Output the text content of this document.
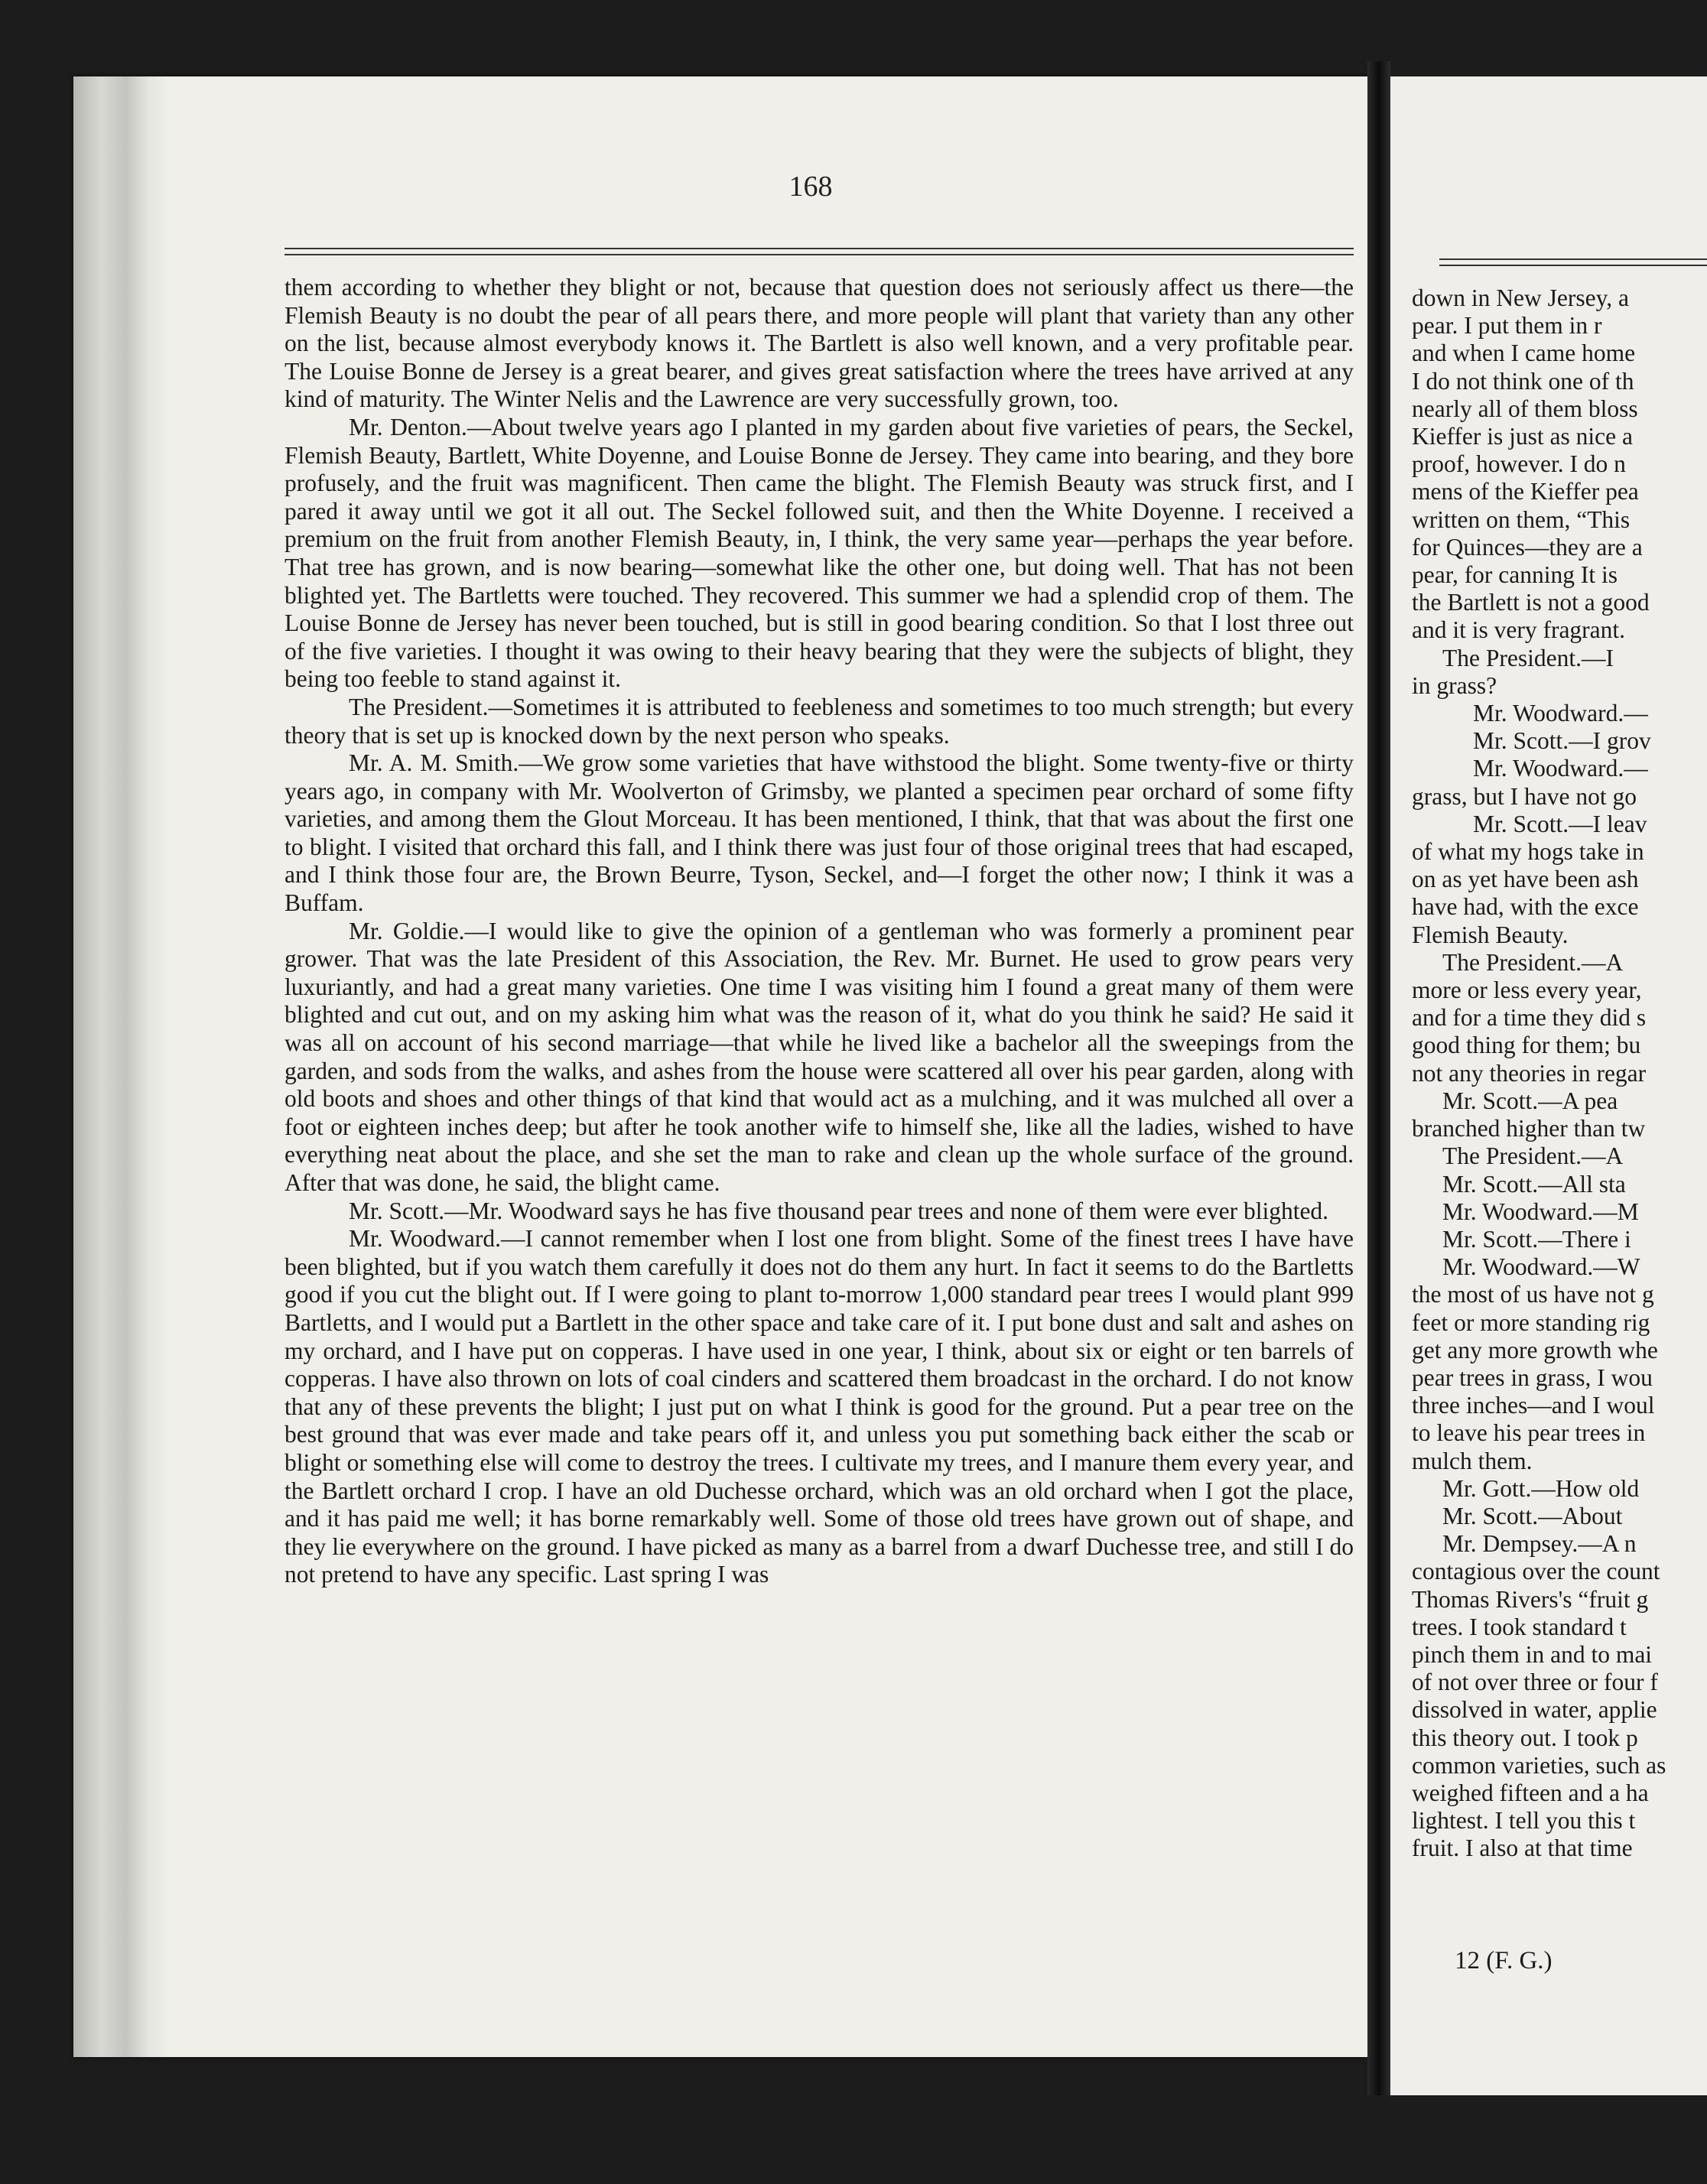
168

them according to whether they blight or not, because that question does not seriously affect us there—the Flemish Beauty is no doubt the pear of all pears there, and more people will plant that variety than any other on the list, because almost everybody knows it. The Bartlett is also well known, and a very profitable pear. The Louise Bonne de Jersey is a great bearer, and gives great satisfaction where the trees have arrived at any kind of maturity. The Winter Nelis and the Lawrence are very successfully grown, too.

Mr. Denton.—About twelve years ago I planted in my garden about five varieties of pears, the Seckel, Flemish Beauty, Bartlett, White Doyenne, and Louise Bonne de Jersey. They came into bearing, and they bore profusely, and the fruit was magnificent. Then came the blight. The Flemish Beauty was struck first, and I pared it away until we got it all out. The Seckel followed suit, and then the White Doyenne. I received a premium on the fruit from another Flemish Beauty, in, I think, the very same year—perhaps the year before. That tree has grown, and is now bearing—somewhat like the other one, but doing well. That has not been blighted yet. The Bartletts were touched. They recovered. This summer we had a splendid crop of them. The Louise Bonne de Jersey has never been touched, but is still in good bearing condition. So that I lost three out of the five varieties. I thought it was owing to their heavy bearing that they were the subjects of blight, they being too feeble to stand against it.

The President.—Sometimes it is attributed to feebleness and sometimes to too much strength; but every theory that is set up is knocked down by the next person who speaks.

Mr. A. M. Smith.—We grow some varieties that have withstood the blight. Some twenty-five or thirty years ago, in company with Mr. Woolverton of Grimsby, we planted a specimen pear orchard of some fifty varieties, and among them the Glout Morceau. It has been mentioned, I think, that that was about the first one to blight. I visited that orchard this fall, and I think there was just four of those original trees that had escaped, and I think those four are, the Brown Beurre, Tyson, Seckel, and—I forget the other now; I think it was a Buffam.

Mr. Goldie.—I would like to give the opinion of a gentleman who was formerly a prominent pear grower. That was the late President of this Association, the Rev. Mr. Burnet. He used to grow pears very luxuriantly, and had a great many varieties. One time I was visiting him I found a great many of them were blighted and cut out, and on my asking him what was the reason of it, what do you think he said? He said it was all on account of his second marriage—that while he lived like a bachelor all the sweepings from the garden, and sods from the walks, and ashes from the house were scattered all over his pear garden, along with old boots and shoes and other things of that kind that would act as a mulching, and it was mulched all over a foot or eighteen inches deep; but after he took another wife to himself she, like all the ladies, wished to have everything neat about the place, and she set the man to rake and clean up the whole surface of the ground. After that was done, he said, the blight came.

Mr. Scott.—Mr. Woodward says he has five thousand pear trees and none of them were ever blighted.

Mr. Woodward.—I cannot remember when I lost one from blight. Some of the finest trees I have have been blighted, but if you watch them carefully it does not do them any hurt. In fact it seems to do the Bartletts good if you cut the blight out. If I were going to plant to-morrow 1,000 standard pear trees I would plant 999 Bartletts, and I would put a Bartlett in the other space and take care of it. I put bone dust and salt and ashes on my orchard, and I have put on copperas. I have used in one year, I think, about six or eight or ten barrels of copperas. I have also thrown on lots of coal cinders and scattered them broadcast in the orchard. I do not know that any of these prevents the blight; I just put on what I think is good for the ground. Put a pear tree on the best ground that was ever made and take pears off it, and unless you put something back either the scab or blight or something else will come to destroy the trees. I cultivate my trees, and I manure them every year, and the Bartlett orchard I crop. I have an old Duchesse orchard, which was an old orchard when I got the place, and it has paid me well; it has borne remarkably well. Some of those old trees have grown out of shape, and they lie everywhere on the ground. I have picked as many as a barrel from a dwarf Duchesse tree, and still I do not pretend to have any specific. Last spring I was

down in New Jersey, a
pear. I put them in r
and when I came home
I do not think one of th
nearly all of them bloss
Kieffer is just as nice a
proof, however. I do n
mens of the Kieffer pea
written on them, “This
for Quinces—they are a
pear, for canning It is
the Bartlett is not a good
and it is very fragrant.
The President.—I
in grass?
Mr. Woodward.—
Mr. Scott.—I grov
Mr. Woodward.—
grass, but I have not go
Mr. Scott.—I leav
of what my hogs take in
on as yet have been ash
have had, with the exce
Flemish Beauty.
The President.—A
more or less every year,
and for a time they did s
good thing for them; bu
not any theories in regar
Mr. Scott.—A pea
branched higher than tw
The President.—A
Mr. Scott.—All sta
Mr. Woodward.—M
Mr. Scott.—There i
Mr. Woodward.—W
the most of us have not g
feet or more standing rig
get any more growth whe
pear trees in grass, I wou
three inches—and I woul
to leave his pear trees in
mulch them.
Mr. Gott.—How old
Mr. Scott.—About
Mr. Dempsey.—A n
contagious over the count
Thomas Rivers's “fruit g
trees. I took standard t
pinch them in and to mai
of not over three or four f
dissolved in water, applie
this theory out. I took p
common varieties, such as
weighed fifteen and a ha
lightest. I tell you this t
fruit. I also at that time
12 (F. G.)
